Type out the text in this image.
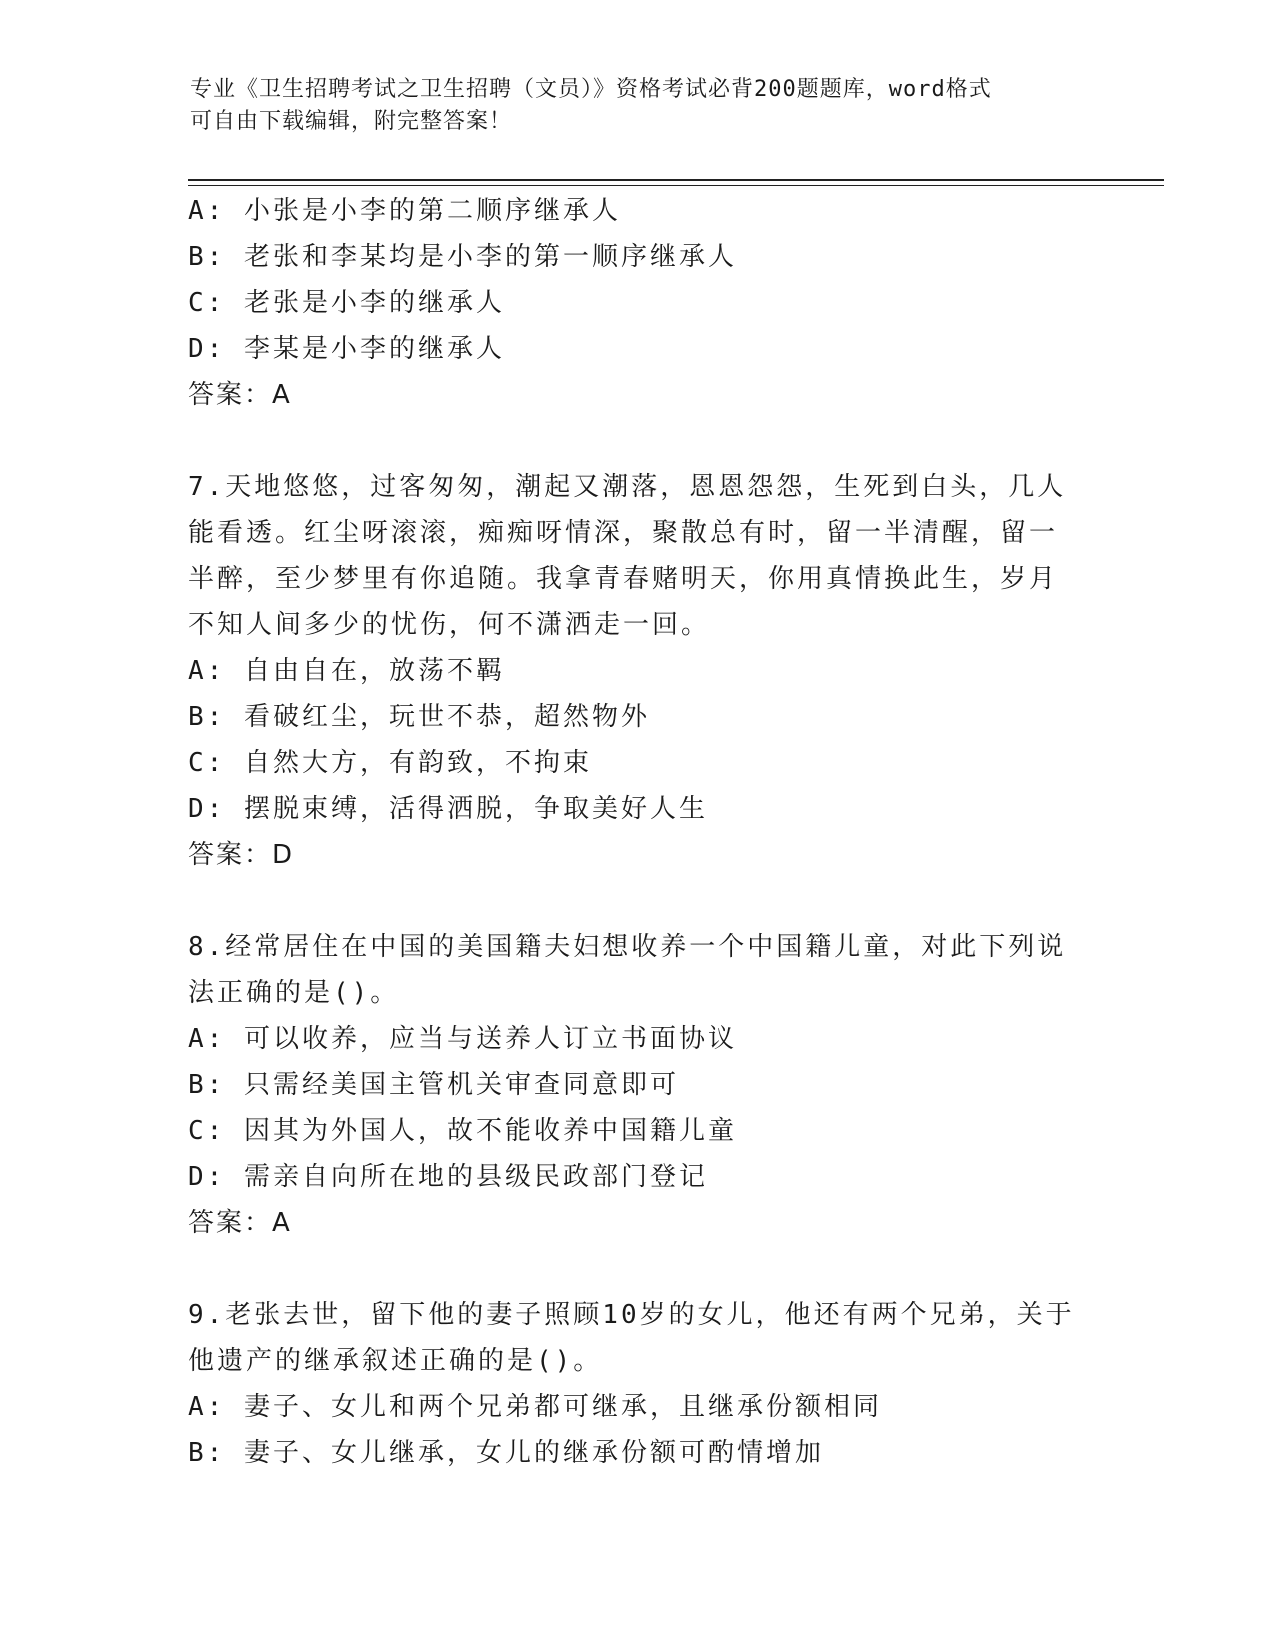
专业《卫生招聘考试之卫生招聘（文员）》资格考试必背200题题库，word格式
可自由下载编辑，附完整答案！
A: 小张是小李的第二顺序继承人
B: 老张和李某均是小李的第一顺序继承人
C: 老张是小李的继承人
D: 李某是小李的继承人
答案：A
7.天地悠悠，过客匆匆，潮起又潮落，恩恩怨怨，生死到白头，几人
能看透。红尘呀滚滚，痴痴呀情深，聚散总有时，留一半清醒，留一
半醉，至少梦里有你追随。我拿青春赌明天，你用真情换此生，岁月
不知人间多少的忧伤，何不潇洒走一回。
A: 自由自在，放荡不羁
B: 看破红尘，玩世不恭，超然物外
C: 自然大方，有韵致，不拘束
D: 摆脱束缚，活得洒脱，争取美好人生
答案：D
8.经常居住在中国的美国籍夫妇想收养一个中国籍儿童，对此下列说
法正确的是()。
A: 可以收养，应当与送养人订立书面协议
B: 只需经美国主管机关审查同意即可
C: 因其为外国人，故不能收养中国籍儿童
D: 需亲自向所在地的县级民政部门登记
答案：A
9.老张去世，留下他的妻子照顾10岁的女儿，他还有两个兄弟，关于
他遗产的继承叙述正确的是()。
A: 妻子、女儿和两个兄弟都可继承，且继承份额相同
B: 妻子、女儿继承，女儿的继承份额可酌情增加
